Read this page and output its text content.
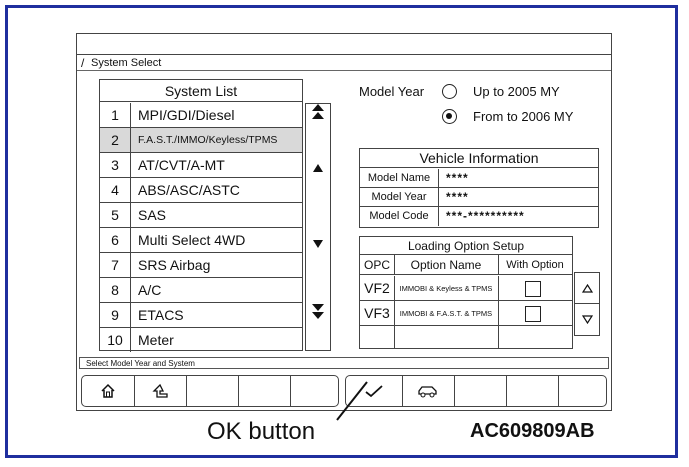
/ System Select
System List
1	MPI/GDI/Diesel
2	F.A.S.T./IMMO/Keyless/TPMS
3	AT/CVT/A-MT
4	ABS/ASC/ASTC
5	SAS
6	Multi Select 4WD
7	SRS Airbag
8	A/C
9	ETACS
10	Meter
Model Year	Up to 2005 MY
From to 2006 MY
Vehicle Information
Model Name	****
Model Year	****
Model Code	***-**********
Loading Option Setup
OPC	Option Name	With Option
VF2	IMMOBI & Keyless & TPMS
VF3	IMMOBI & F.A.S.T. & TPMS
Select Model Year and System
OK button	AC609809AB
